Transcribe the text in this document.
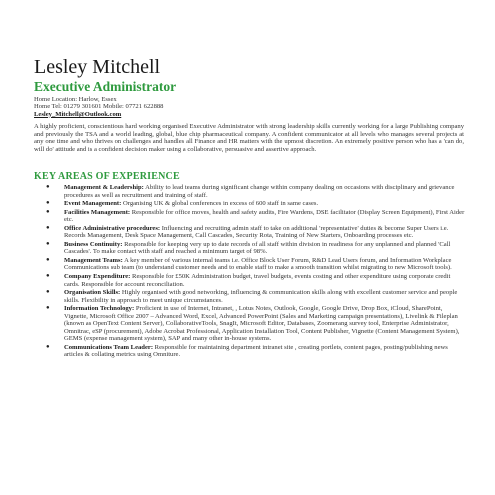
Lesley Mitchell
Executive Administrator
Home Location: Harlow, Essex
Home Tel: 01279 301601 Mobile: 07721 622888
Lesley_Mitchell@Outlook.com

A highly proficient, conscientious hard working organised Executive Administrator with strong leadership skills currently working for a large Publishing company and previously the TSA and a world leading, global, blue chip pharmaceutical company. A confident communicator at all levels who manages several projects at any one time and who thrives on challenges and handles all Finance and HR matters with the upmost discretion. An extremely positive person who has a 'can do, will do' attitude and is a confident decision maker using a collaborative, persuasive and assertive approach.

KEY AREAS OF EXPERIENCE
● Management & Leadership: Ability to lead teams during significant change within company dealing on occasions with disciplinary and grievance procedures as well as recruitment and training of staff.
● Event Management: Organising UK & global conferences in excess of 600 staff in same cases.
● Facilities Management: Responsible for office moves, health and safety audits, Fire Wardens, DSE facilitator (Display Screen Equipment), First Aider etc.
● Office Administrative procedures: Influencing and recruiting admin staff to take on additional 'representative' duties & become Super Users i.e. Records Management, Desk Space Management, Call Cascades, Security Rota, Training of New Starters, Onboarding processes etc.
● Business Continuity: Responsible for keeping very up to date records of all staff within division in readiness for any unplanned and planned 'Call Cascades'. To make contact with staff and reached a minimum target of 98%.
● Management Teams: A key member of various internal teams i.e. Office Block User Forum, R&D Lead Users forum, and Information Workplace Communications sub team (to understand customer needs and to enable staff to make a smooth transition whilst migrating to new Microsoft tools).
● Company Expenditure: Responsible for £50K Administration budget, travel budgets, events costing and other expenditure using corporate credit cards. Responsible for account reconciliation.
● Organisation Skills: Highly organised with good networking, influencing & communication skills along with excellent customer service and people skills. Flexibility in approach to meet unique circumstances.
● Information Technology: Proficient in use of Internet, Intranet, , Lotus Notes, Outlook, Google, Google Drive, Drop Box, iCloud, SharePoint, Vignette, Microsoft Office 2007 – Advanced Word, Excel, Advanced PowerPoint (Sales and Marketing campaign presentations), Livelink & Fileplan (known as OpenText Content Server), CollaborativeTools, SnagIt, Microsoft Editor, Databases, Zoomerang survey tool, Enterprise Administrator, Omnitrac, eSP (procurement), Adobe Acrobat Professional, Application Installation Tool, Content Publisher, Vignette (Content Management System), GEMS (expense management system), SAP and many other in-house systems.
● Communications Team Leader: Responsible for maintaining department intranet site , creating portlets, content pages, posting/publishing news articles & collating metrics using Omniture.
